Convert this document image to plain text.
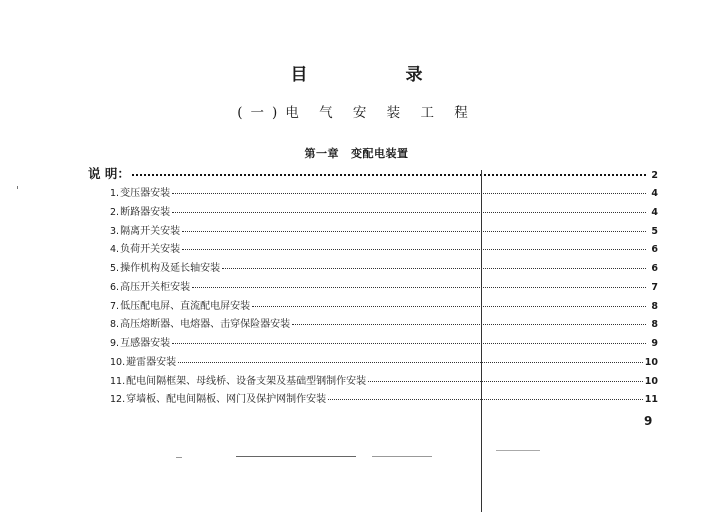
目 录
(一)电 气 安 装 工 程
第一章 变配电装置
说 明：	2
1.变压器安装	4
2.断路器安装	4
3.隔离开关安装	5
4.负荷开关安装	6
5.操作机构及延长轴安装	6
6.高压开关柜安装	7
7.低压配电屏、直流配电屏安装	8
8.高压熔断器、电熔器、击穿保险器安装	8
9.互感器安装	9
10.避雷器安装	10
11.配电间隔框架、母线桥、设备支架及基础型钢制作安装	10
12.穿墙板、配电间隔板、网门及保护网制作安装	11
9
